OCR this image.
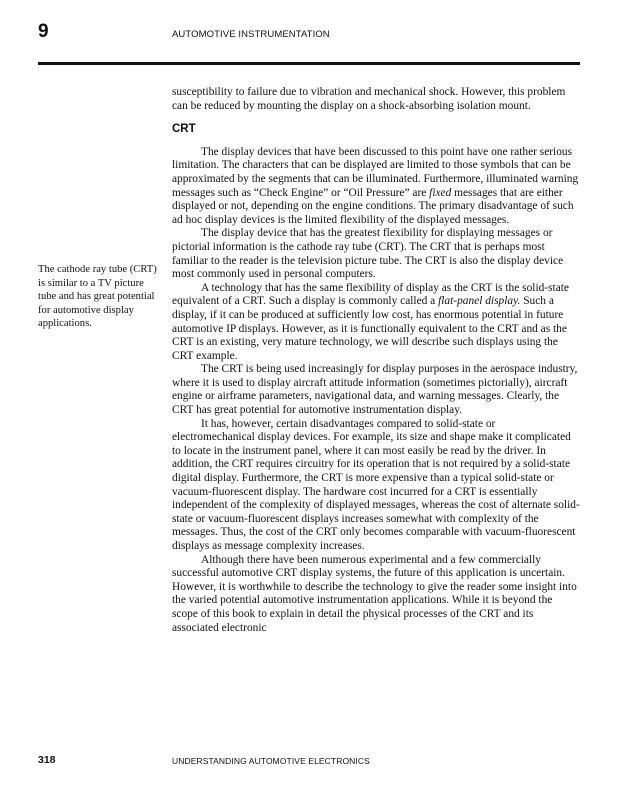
9	AUTOMOTIVE INSTRUMENTATION
The cathode ray tube (CRT) is similar to a TV picture tube and has great potential for automotive display applications.

susceptibility to failure due to vibration and mechanical shock. However, this problem can be reduced by mounting the display on a shock-absorbing isolation mount.

CRT

The display devices that have been discussed to this point have one rather serious limitation. The characters that can be displayed are limited to those symbols that can be approximated by the segments that can be illuminated. Furthermore, illuminated warning messages such as “Check Engine” or “Oil Pressure” are fixed messages that are either displayed or not, depending on the engine conditions. The primary disadvantage of such ad hoc display devices is the limited flexibility of the displayed messages.

The display device that has the greatest flexibility for displaying messages or pictorial information is the cathode ray tube (CRT). The CRT that is perhaps most familiar to the reader is the television picture tube. The CRT is also the display device most commonly used in personal computers.

A technology that has the same flexibility of display as the CRT is the solid-state equivalent of a CRT. Such a display is commonly called a flat-panel display. Such a display, if it can be produced at sufficiently low cost, has enormous potential in future automotive IP displays. However, as it is functionally equivalent to the CRT and as the CRT is an existing, very mature technology, we will describe such displays using the CRT example.

The CRT is being used increasingly for display purposes in the aerospace industry, where it is used to display aircraft attitude information (sometimes pictorially), aircraft engine or airframe parameters, navigational data, and warning messages. Clearly, the CRT has great potential for automotive instrumentation display.

It has, however, certain disadvantages compared to solid-state or electromechanical display devices. For example, its size and shape make it complicated to locate in the instrument panel, where it can most easily be read by the driver. In addition, the CRT requires circuitry for its operation that is not required by a solid-state digital display. Furthermore, the CRT is more expensive than a typical solid-state or vacuum-fluorescent display. The hardware cost incurred for a CRT is essentially independent of the complexity of displayed messages, whereas the cost of alternate solid-state or vacuum-fluorescent displays increases somewhat with complexity of the messages. Thus, the cost of the CRT only becomes comparable with vacuum-fluorescent displays as message complexity increases.

Although there have been numerous experimental and a few commercially successful automotive CRT display systems, the future of this application is uncertain. However, it is worthwhile to describe the technology to give the reader some insight into the varied potential automotive instrumentation applications. While it is beyond the scope of this book to explain in detail the physical processes of the CRT and its associated electronic

318	UNDERSTANDING AUTOMOTIVE ELECTRONICS
